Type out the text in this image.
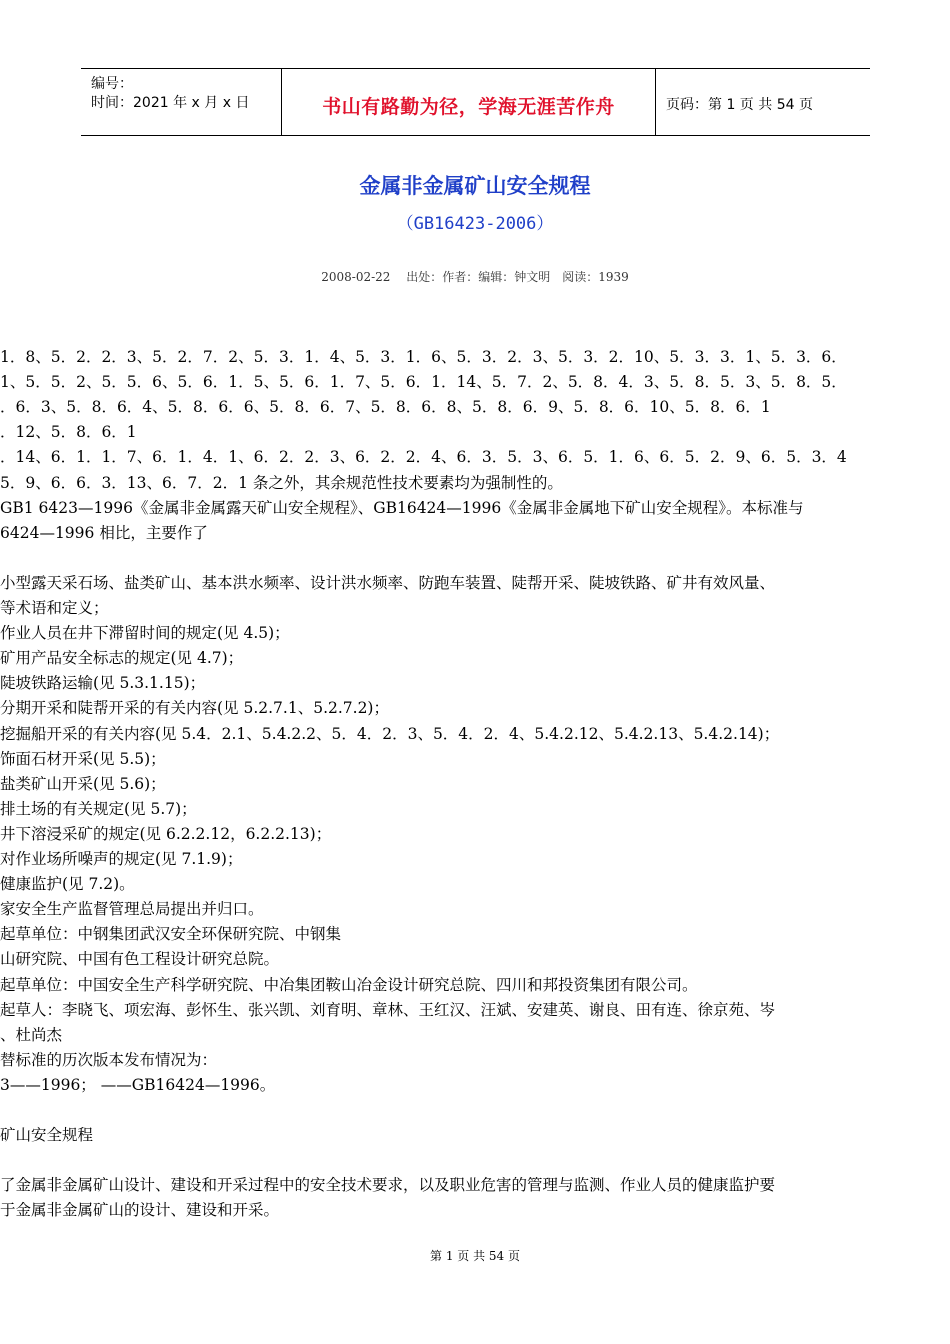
编号：
时间：2021 年 x 月 x 日	书山有路勤为径，学海无涯苦作舟	页码：第 1 页 共 54 页
金属非金属矿山安全规程
（GB16423-2006）
2008-02-22　 出处：作者：编辑：钟文明　阅读：1939
1．8、5．2．2．3、5．2．7．2、5．3．1．4、5．3．1．6、5．3．2．3、5．3．2．10、5．3．3．1、5．3．6．
1、5．5．2、5．5．6、5．6．1．5、5．6．1．7、5．6．1．14、5．7．2、5．8．4．3、5．8．5．3、5．8．5．
．6．3、5．8．6．4、5．8．6．6、5．8．6．7、5．8．6．8、5．8．6．9、5．8．6．10、5．8．6．1
．12、5．8．6．1
．14、6．1．1．7、6．1．4．1、6．2．2．3、6．2．2．4、6．3．5．3、6．5．1．6、6．5．2．9、6．5．3．4
5．9、6．6．3．13、6．7．2．1 条之外，其余规范性技术要素均为强制性的。
GB1 6423—1996《金属非金属露天矿山安全规程》、GB16424—1996《金属非金属地下矿山安全规程》。本标准与
6424—1996 相比，主要作了
小型露天采石场、盐类矿山、基本洪水频率、设计洪水频率、防跑车装置、陡帮开采、陡坡铁路、矿井有效风量、
等术语和定义；
作业人员在井下滞留时间的规定(见 4.5)；
矿用产品安全标志的规定(见 4.7)；
陡坡铁路运输(见 5.3.1.15)；
分期开采和陡帮开采的有关内容(见 5.2.7.1、5.2.7.2)；
挖掘船开采的有关内容(见 5.4．2.1、5.4.2.2、5．4．2．3、5．4．2．4、5.4.2.12、5.4.2.13、5.4.2.14)；
饰面石材开采(见 5.5)；
盐类矿山开采(见 5.6)；
排土场的有关规定(见 5.7)；
井下溶浸采矿的规定(见 6.2.2.12，6.2.2.13)；
对作业场所噪声的规定(见 7.1.9)；
健康监护(见 7.2)。
家安全生产监督管理总局提出并归口。
起草单位：中钢集团武汉安全环保研究院、中钢集
山研究院、中国有色工程设计研究总院。
起草单位：中国安全生产科学研究院、中冶集团鞍山冶金设计研究总院、四川和邦投资集团有限公司。
起草人：李晓飞、项宏海、彭怀生、张兴凯、刘育明、章林、王红汉、汪斌、安建英、谢良、田有连、徐京苑、岑
、杜尚杰
替标准的历次版本发布情况为：
3——1996； ——GB16424—1996。
矿山安全规程
了金属非金属矿山设计、建设和开采过程中的安全技术要求，以及职业危害的管理与监测、作业人员的健康监护要
于金属非金属矿山的设计、建设和开采。
第 1 页 共 54 页
